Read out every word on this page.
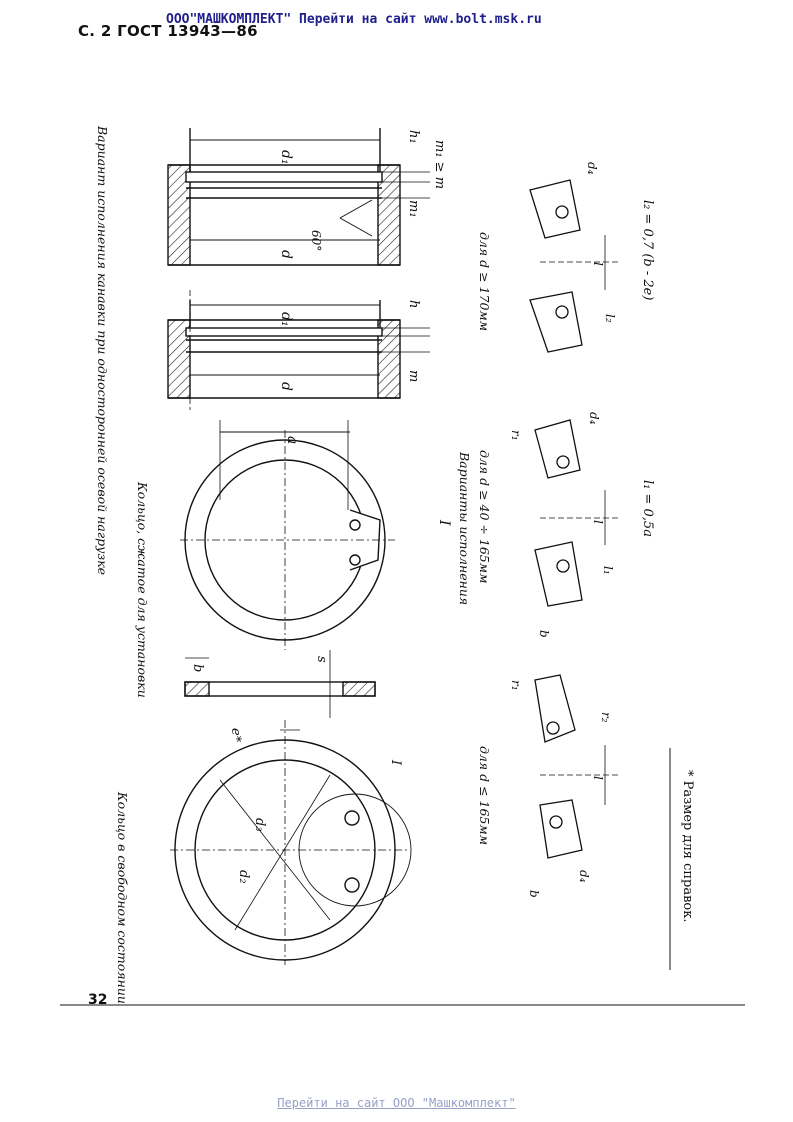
С. 2 ГОСТ 13943—86
ООО"МАШКОМПЛЕКТ" Перейти на сайт www.bolt.msk.ru
d₁
d
h
m
d₁
d
60°
h₁
m₁
m₁ ≥ m
Вариант исполнения канавки при односторонней осевой нагрузке	a
Кольцо, сжатое для установки	b
s
d₃
d₂
e*
I
Кольцо в свободном состоянии
d₄
l
l₂
l₂ = 0,7 (b - 2e)
для d ≥ 170мм
r₁
d₄
l
l₁
b
l₁ = 0,5a
Варианты исполнения
I для d ≥ 40 ÷ 165мм
r₁
r₂
l
d₄
b
для d ≤ 165мм	* Размер для справок.
32
Перейти на сайт ООО "Машкомплект"
